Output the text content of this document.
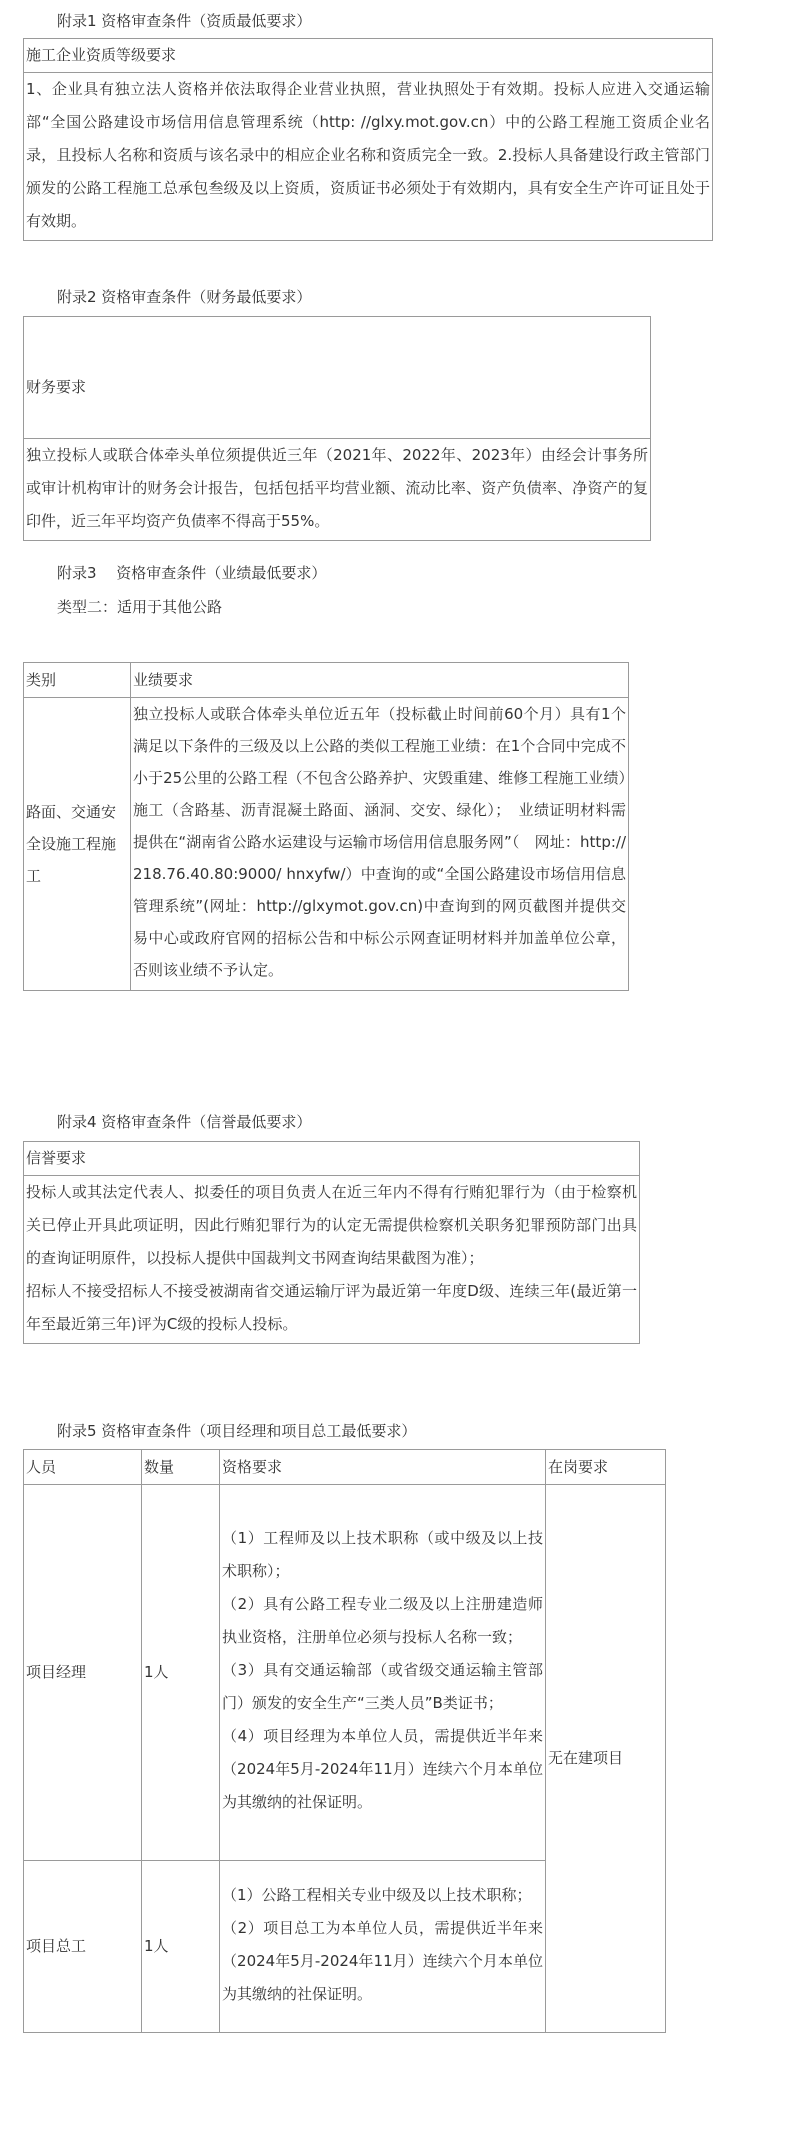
附录1 资格审查条件（资质最低要求）
施工企业资质等级要求
1、企业具有独立法人资格并依法取得企业营业执照，营业执照处于有效期。投标人应进入交通运输部“全国公路建设市场信用信息管理系统（http: //glxy.mot.gov.cn）中的公路工程施工资质企业名录，且投标人名称和资质与该名录中的相应企业名称和资质完全一致。2.投标人具备建设行政主管部门颁发的公路工程施工总承包叁级及以上资质，资质证书必须处于有效期内，具有安全生产许可证且处于有效期。
附录2 资格审查条件（财务最低要求）
财务要求
独立投标人或联合体牵头单位须提供近三年（2021年、2022年、2023年）由经会计事务所或审计机构审计的财务会计报告，包括包括平均营业额、流动比率、资产负债率、净资产的复印件，近三年平均资产负债率不得高于55%。
附录3　 资格审查条件（业绩最低要求）
类型二：适用于其他公路
类别	业绩要求
路面、交通安全设施工程施工	独立投标人或联合体牵头单位近五年（投标截止时间前60个月）具有1个满足以下条件的三级及以上公路的类似工程施工业绩：在1个合同中完成不小于25公里的公路工程（不包含公路养护、灾毁重建、维修工程施工业绩）施工（含路基、沥青混凝土路面、涵洞、交安、绿化）；　业绩证明材料需提供在“湖南省公路水运建设与运输市场信用信息服务网”（　网址：http://218.76.40.80:9000/ hnxyfw/）中查询的或“全国公路建设市场信用信息管理系统”(网址：http://glxymot.gov.cn)中查询到的网页截图并提供交易中心或政府官网的招标公告和中标公示网查证明材料并加盖单位公章，否则该业绩不予认定。
附录4 资格审查条件（信誉最低要求）
信誉要求

投标人或其法定代表人、拟委任的项目负责人在近三年内不得有行贿犯罪行为（由于检察机关已停止开具此项证明，因此行贿犯罪行为的认定无需提供检察机关职务犯罪预防部门出具的查询证明原件，以投标人提供中国裁判文书网查询结果截图为准）；
招标人不接受招标人不接受被湖南省交通运输厅评为最近第一年度D级、连续三年(最近第一年至最近第三年)评为C级的投标人投标。
附录5 资格审查条件（项目经理和项目总工最低要求）
人员	数量	资格要求	在岗要求
项目经理	1人	（1）工程师及以上技术职称（或中级及以上技术职称）；
（2）具有公路工程专业二级及以上注册建造师执业资格，注册单位必须与投标人名称一致；
（3）具有交通运输部（或省级交通运输主管部门）颁发的安全生产“三类人员”B类证书；
（4）项目经理为本单位人员，需提供近半年来（2024年5月-2024年11月）连续六个月本单位为其缴纳的社保证明。	无在建项目
项目总工	1人	（1）公路工程相关专业中级及以上技术职称；
（2）项目总工为本单位人员，需提供近半年来（2024年5月-2024年11月）连续六个月本单位为其缴纳的社保证明。	
